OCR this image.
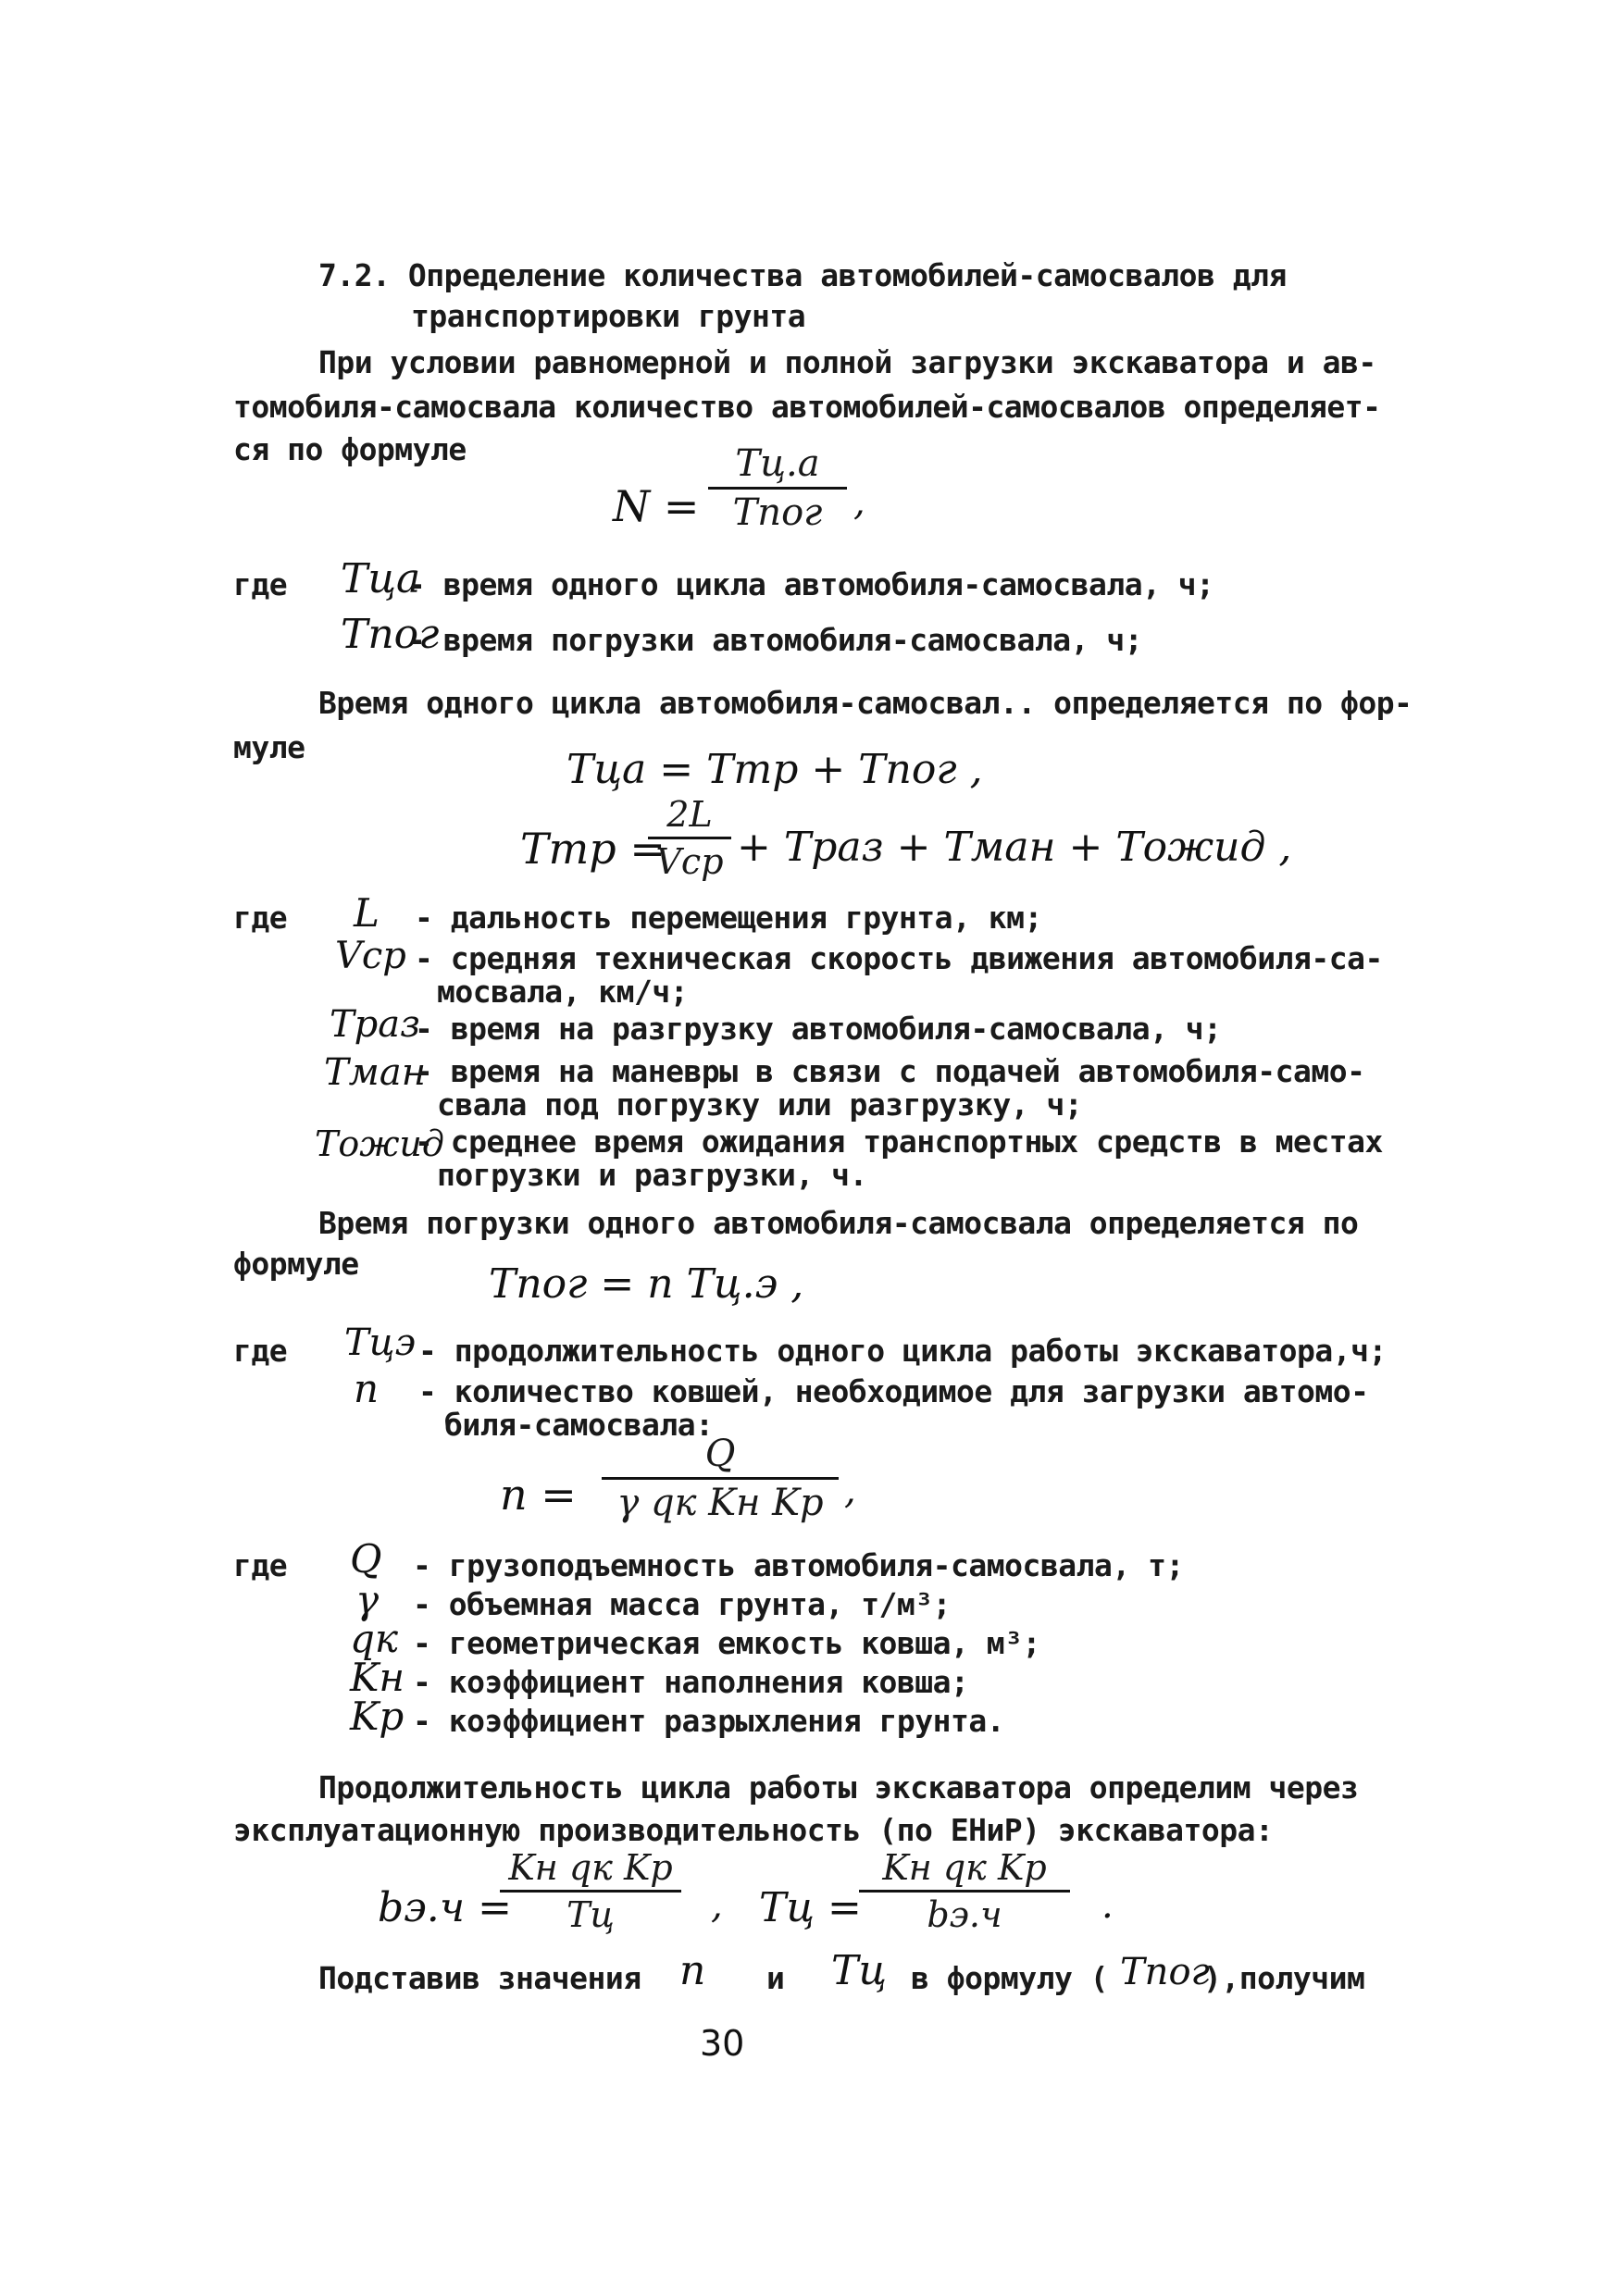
7.2. Определение количества автомобилей-самосвалов для
транспортировки грунта
При условии равномерной и полной загрузки экскаватора и ав-
томобиля-самосвала количество автомобилей-самосвалов определяет-
ся по формуле
N =
Tц.а
Tпог ,
где Tца
- время одного цикла автомобиля-самосвала, ч;
Tпог
- время погрузки автомобиля-самосвала, ч;
Время одного цикла автомобиля-самосвал.. определяется по фор-
муле	Tца = Tтр + Tпог ,
Tтр =
2L
Vср + Tраз + Tман + Tожид ,
где L - дальность перемещения грунта, км;
Vср - средняя техническая скорость движения автомобиля-са-
мосвала, км/ч;
Tраз
- время на разгрузку автомобиля-самосвала, ч;
Tман
- время на маневры в связи с подачей автомобиля-само-
свала под погрузку или разгрузку, ч;
Tожид
- среднее время ожидания транспортных средств в местах
погрузки и разгрузки, ч.
Время погрузки одного автомобиля-самосвала определяется по
формуле	Tпог = n Tц.э ,
где Tцэ - продолжительность одного цикла работы экскаватора,ч;
n - количество ковшей, необходимое для загрузки автомо-
биля-самосвала:
n =
Q
γ qк Kн Kр ,
где Q - грузоподъемность автомобиля-самосвала, т;
γ - объемная масса грунта, т/м³;
qк - геометрическая емкость ковша, м³;
Kн - коэффициент наполнения ковша;
Kр - коэффициент разрыхления грунта.
Продолжительность цикла работы экскаватора определим через
эксплуатационную производительность (по ЕНиР) экскаватора:
bэ.ч =
Kн qк Kр
Tц	, Tц =
Kн qк Kр
bэ.ч	.
Подставив значения n и Tц в формулу ( Tпог
),получим
30
